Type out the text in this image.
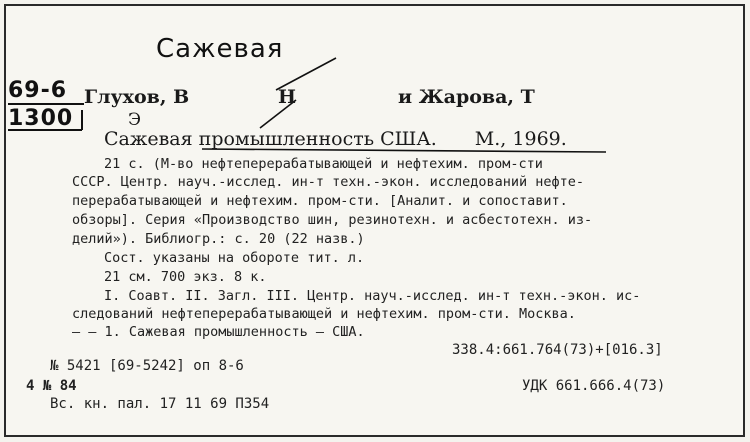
Сажевая
69-6
1300
Глухов, В	Н
Э
и Жарова, Т
Сажевая промышленность США. М., 1969.
21 с. (М-во нефтеперерабатывающей и нефтехим. пром-сти
СССР. Центр. науч.-исслед. ин-т техн.-экон. исследований нефте-
перерабатывающей и нефтехим. пром-сти. [Аналит. и сопоставит.
обзоры]. Серия «Производство шин, резинотехн. и асбестотехн. из-
делий»). Библиогр.: с. 20 (22 назв.)
Сост. указаны на обороте тит. л.
21 см. 700 экз. 8 к.
I. Соавт. II. Загл. III. Центр. науч.-исслед. ин-т техн.-экон. ис-
следований нефтеперерабатывающей и нефтехим. пром-сти. Москва.
— — 1. Сажевая промышленность — США.
338.4:661.764(73)+[016.3]
№ 5421 [69-5242] оп 8-6
4 № 84	УДК 661.666.4(73)
Вс. кн. пал. 17 11 69 П354
